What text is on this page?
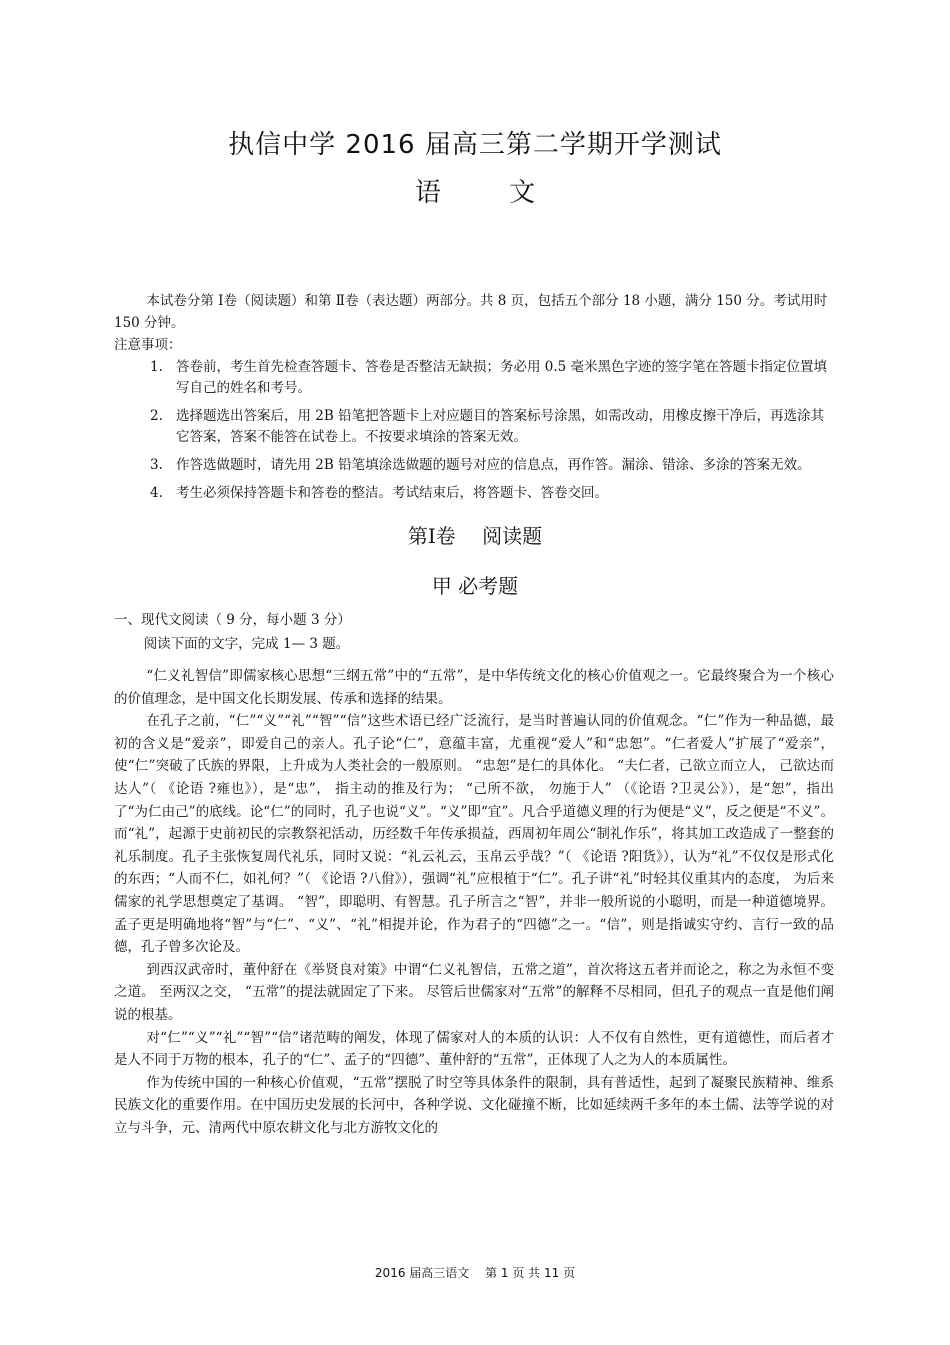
执信中学 2016 届高三第二学期开学测试
语 文

本试卷分第 Ⅰ卷（阅读题）和第 Ⅱ卷（表达题）两部分。共 8 页，包括五个部分 18 小题，满分 150 分。考试用时 150 分钟。

注意事项：

1. 答卷前，考生首先检查答题卡、答卷是否整洁无缺损；务必用 0.5 毫米黑色字迹的签字笔在答题卡指定位置填写自己的姓名和考号。
2. 选择题选出答案后，用 2B 铅笔把答题卡上对应题目的答案标号涂黑，如需改动，用橡皮擦干净后，再选涂其它答案，答案不能答在试卷上。不按要求填涂的答案无效。
3. 作答选做题时，请先用 2B 铅笔填涂选做题的题号对应的信息点，再作答。漏涂、错涂、多涂的答案无效。
4. 考生必须保持答题卡和答卷的整洁。考试结束后，将答题卡、答卷交回。
第Ⅰ卷　 阅读题
甲 必考题

一、现代文阅读（ 9 分，每小题 3 分）

阅读下面的文字，完成 1— 3 题。

“仁义礼智信”即儒家核心思想“三纲五常”中的“五常”，是中华传统文化的核心价值观之一。它最终聚合为一个核心的价值理念，是中国文化长期发展、传承和选择的结果。

在孔子之前，“仁”“义”“礼”“智”“信”这些术语已经广泛流行，是当时普遍认同的价值观念。“仁”作为一种品德，最初的含义是“爱亲”，即爱自己的亲人。孔子论“仁”，意蕴丰富，尤重视“爱人”和“忠恕”。“仁者爱人”扩展了“爱亲”，使“仁”突破了氏族的界限，上升成为人类社会的一般原则。 “忠恕”是仁的具体化。 “夫仁者，己欲立而立人， 己欲达而达人”（ 《论语 ?雍也》），是“忠”， 指主动的推及行为； “己所不欲， 勿施于人” （《论语 ?卫灵公》），是“恕”，指出了“为仁由己”的底线。论“仁”的同时，孔子也说“义”。“义”即“宜”。凡合乎道德义理的行为便是“义”，反之便是“不义”。而“礼”，起源于史前初民的宗教祭祀活动，历经数千年传承损益，西周初年周公“制礼作乐”，将其加工改造成了一整套的礼乐制度。孔子主张恢复周代礼乐，同时又说：“礼云礼云，玉帛云乎哉？”（ 《论语 ?阳货》），认为“礼”不仅仅是形式化的东西；“人而不仁，如礼何？”（ 《论语 ?八佾》），强调“礼”应根植于“仁”。孔子讲“礼”时轻其仪重其内的态度， 为后来儒家的礼学思想奠定了基调。 “智”，即聪明、有智慧。孔子所言之“智”，并非一般所说的小聪明，而是一种道德境界。孟子更是明确地将“智”与“仁”、“义”、“礼”相提并论，作为君子的“四德”之一。“信”，则是指诚实守约、言行一致的品德，孔子曾多次论及。

到西汉武帝时，董仲舒在《举贤良对策》中谓“仁义礼智信，五常之道”，首次将这五者并而论之，称之为永恒不变之道。 至两汉之交， “五常”的提法就固定了下来。 尽管后世儒家对“五常”的解释不尽相同，但孔子的观点一直是他们阐说的根基。

对“仁”“义”“礼”“智”“信”诸范畴的阐发，体现了儒家对人的本质的认识：人不仅有自然性，更有道德性，而后者才是人不同于万物的根本，孔子的“仁”、孟子的“四德”、董仲舒的“五常”，正体现了人之为人的本质属性。

作为传统中国的一种核心价值观，“五常”摆脱了时空等具体条件的限制，具有普适性，起到了凝聚民族精神、维系民族文化的重要作用。在中国历史发展的长河中，各种学说、文化碰撞不断，比如延续两千多年的本土儒、法等学说的对立与斗争，元、清两代中原农耕文化与北方游牧文化的

2016 届高三语文　 第 1 页 共 11 页
